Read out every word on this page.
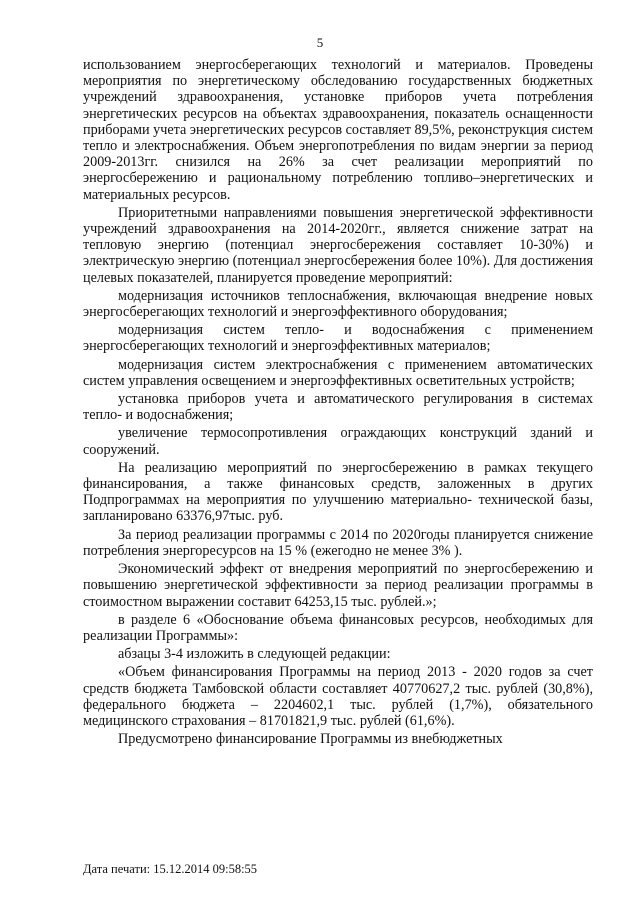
5

использованием энергосберегающих технологий и материалов. Проведены мероприятия по энергетическому обследованию государственных бюджетных учреждений здравоохранения, установке приборов учета потребления энергетических ресурсов на объектах здравоохранения, показатель оснащенности приборами учета энергетических ресурсов составляет 89,5%, реконструкция систем тепло и электроснабжения. Объем энергопотребления по видам энергии за период 2009-2013гг. снизился на 26% за счет реализации мероприятий по энергосбережению и рациональному потреблению топливо–энергетических и материальных ресурсов.

Приоритетными направлениями повышения энергетической эффективности учреждений здравоохранения на 2014-2020гг., является снижение затрат на тепловую энергию (потенциал энергосбережения составляет 10-30%) и электрическую энергию (потенциал энергосбережения более 10%). Для достижения целевых показателей, планируется проведение мероприятий:

модернизация источников теплоснабжения, включающая внедрение новых энергосберегающих технологий и энергоэффективного оборудования;

модернизация систем тепло- и водоснабжения с применением энергосберегающих технологий и энергоэффективных материалов;

модернизация систем электроснабжения с применением автоматических систем управления освещением и энергоэффективных осветительных устройств;

установка приборов учета и автоматического регулирования в системах тепло- и водоснабжения;

увеличение термосопротивления ограждающих конструкций зданий и сооружений.

На реализацию мероприятий по энергосбережению в рамках текущего финансирования, а также финансовых средств, заложенных в других Подпрограммах на мероприятия по улучшению материально- технической базы, запланировано 63376,97тыс. руб.

За период реализации программы с 2014 по 2020годы планируется снижение потребления энергоресурсов на 15 % (ежегодно не менее 3% ).

Экономический эффект от внедрения мероприятий по энергосбережению и повышению энергетической эффективности за период реализации программы в стоимостном выражении составит 64253,15 тыс. рублей.»;

в разделе 6 «Обоснование объема финансовых ресурсов, необходимых для реализации Программы»:

абзацы 3-4 изложить в следующей редакции:

«Объем финансирования Программы на период 2013 - 2020 годов за счет средств бюджета Тамбовской области составляет 40770627,2 тыс. рублей (30,8%), федерального бюджета – 2204602,1 тыс. рублей (1,7%), обязательного медицинского страхования – 81701821,9 тыс. рублей (61,6%).

Предусмотрено финансирование Программы из внебюджетных

Дата печати: 15.12.2014 09:58:55
